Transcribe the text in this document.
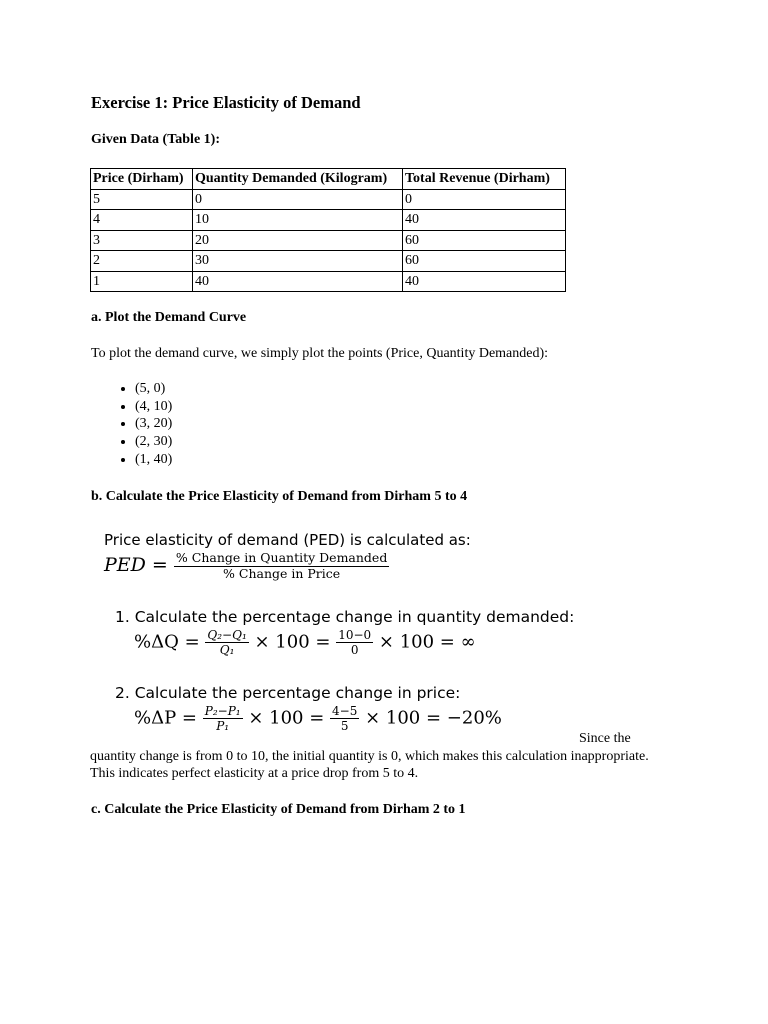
Exercise 1: Price Elasticity of Demand
Given Data (Table 1):
Price (Dirham)	Quantity Demanded (Kilogram)	Total Revenue (Dirham)
5	0	0
4	10	40
3	20	60
2	30	60
1	40	40
a. Plot the Demand Curve
To plot the demand curve, we simply plot the points (Price, Quantity Demanded):
• (5, 0)
• (4, 10)
• (3, 20)
• (2, 30)
• (1, 40)
b. Calculate the Price Elasticity of Demand from Dirham 5 to 4
Price elasticity of demand (PED) is calculated as:
PED = $\frac{\text{\% Change in Quantity Demanded}}{\text{\% Change in Price}}$
1. Calculate the percentage change in quantity demanded:
$\%\Delta Q = \frac{\text{Q₂−Q₁}}{\text{Q₁}} \times 100 = \frac{10-0}{0} \times 100$ = ∞
2. Calculate the percentage change in price:
$\%\Delta P = \frac{\text{P₂−P₁}}{\text{P₁}} \times 100 = \frac{4-5}{5} \times 100 = -20\%$
Since the
quantity change is from 0 to 10, the initial quantity is 0, which makes this calculation inappropriate. This indicates perfect elasticity at a price drop from 5 to 4.
c. Calculate the Price Elasticity of Demand from Dirham 2 to 1
